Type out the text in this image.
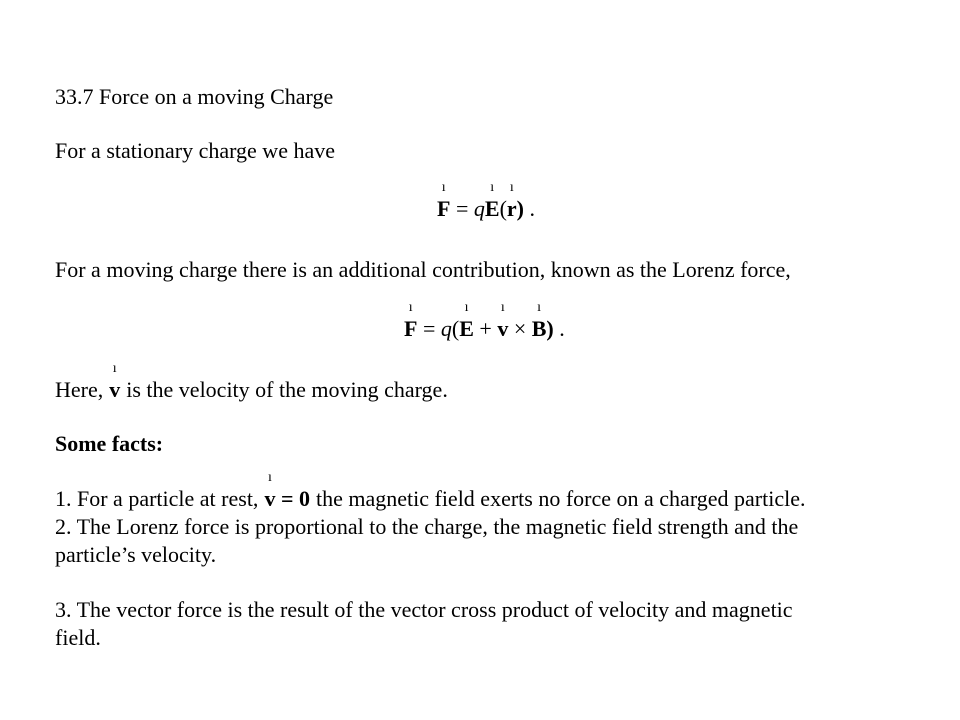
33.7 Force on a moving Charge
For a stationary charge we have
ı
F = q
ı
E(
ı
r) .
For a moving charge there is an additional contribution, known as the Lorenz force,
ı
F = q(
ı
E +
ı
v ×
ı
B) .
Here,
ı
v is the velocity of the moving charge.
Some facts:
1. For a particle at rest,
ı
v = 0 the magnetic field exerts no force on a charged particle.
2. The Lorenz force is proportional to the charge, the magnetic field strength and the
particle’s velocity.
3. The vector force is the result of the vector cross product of velocity and magnetic
field.
